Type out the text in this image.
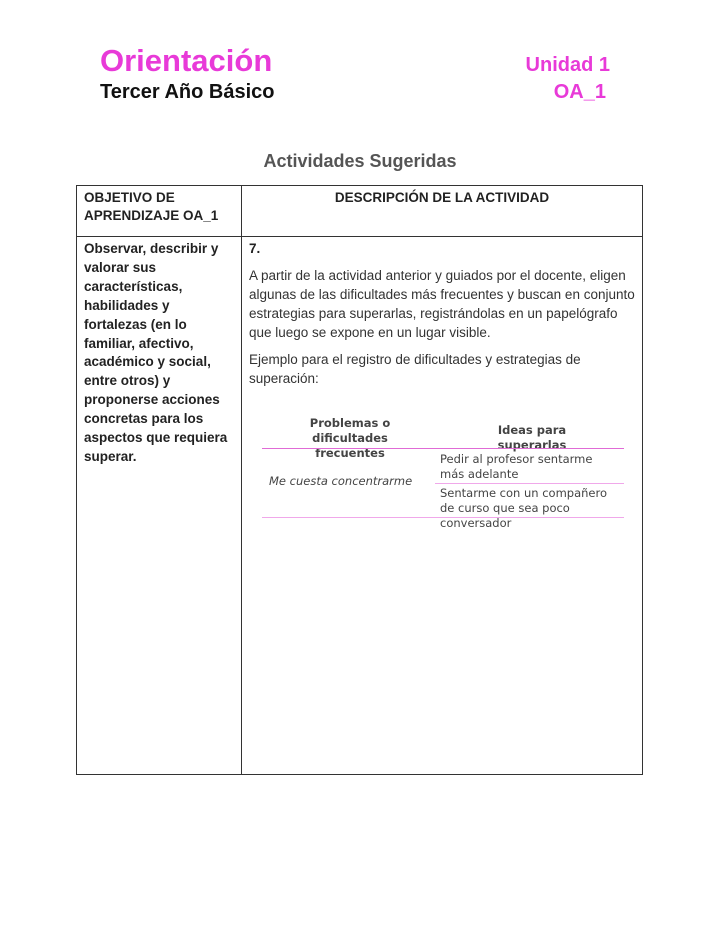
Orientación
Tercer Año Básico
Unidad 1
OA_1
Actividades Sugeridas
OBJETIVO DE APRENDIZAJE OA_1
DESCRIPCIÓN DE LA ACTIVIDAD
Observar, describir y valorar sus características, habilidades y fortalezas (en lo familiar, afectivo, académico y social, entre otros) y proponerse acciones concretas para los aspectos que requiera superar.

7.

A partir de la actividad anterior y guiados por el docente, eligen algunas de las dificultades más frecuentes y buscan en conjunto estrategias para superarlas, registrándolas en un papelógrafo que luego se expone en un lugar visible.

Ejemplo para el registro de dificultades y estrategias de superación:

Problemas o dificultades frecuentes
Ideas para superarlas
Me cuesta concentrarme
Pedir al profesor sentarme más adelante
Sentarme con un compañero de curso que sea poco conversador
